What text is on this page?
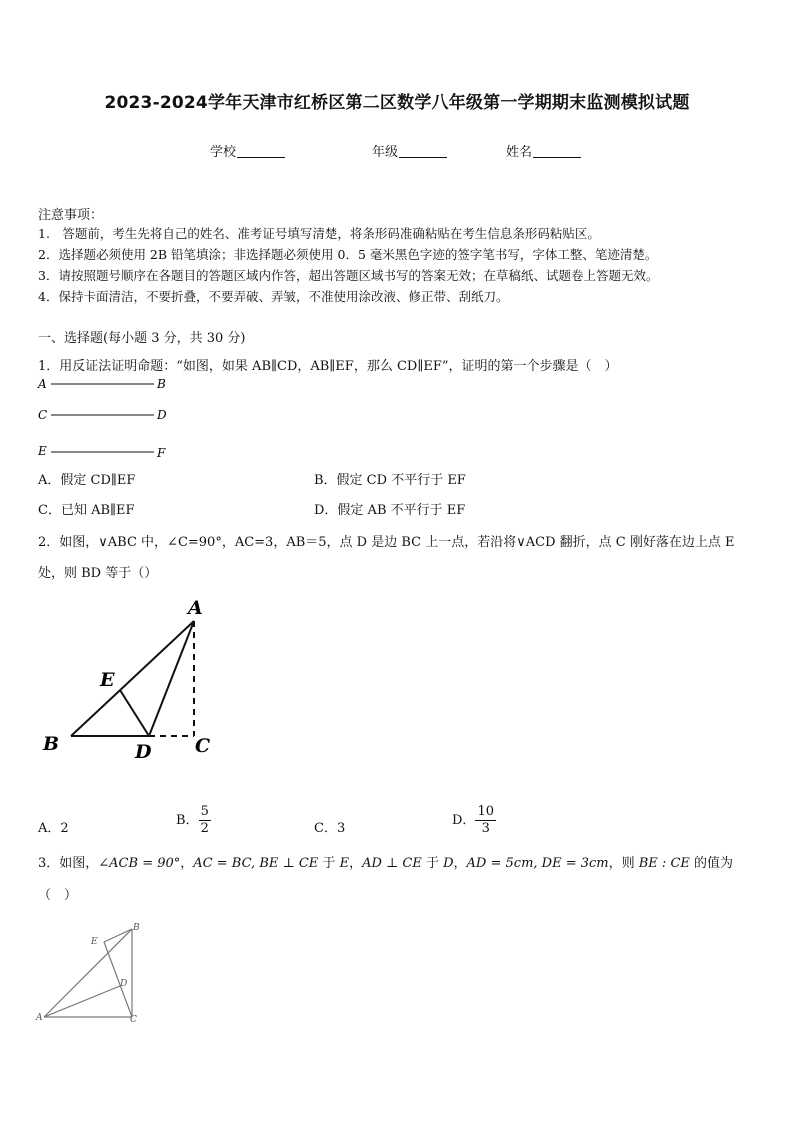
2023-2024学年天津市红桥区第二区数学八年级第一学期期末监测模拟试题
学校	年级	姓名
注意事项：
1.　答题前，考生先将自己的姓名、准考证号填写清楚，将条形码准确粘贴在考生信息条形码粘贴区。
2．选择题必须使用 2B 铅笔填涂；非选择题必须使用 0．5 毫米黑色字迹的签字笔书写，字体工整、笔迹清楚。
3．请按照题号顺序在各题目的答题区域内作答，超出答题区域书写的答案无效；在草稿纸、试题卷上答题无效。
4．保持卡面清洁，不要折叠，不要弄破、弄皱，不准使用涂改液、修正带、刮纸刀。
一、选择题(每小题 3 分，共 30 分)
1．用反证法证明命题：“如图，如果 AB∥CD，AB∥EF，那么 CD∥EF”，证明的第一个步骤是（　）
A	B
C	D
E	F
A．假定 CD∥EF	B．假定 CD 不平行于 EF
C．已知 AB∥EF	D．假定 AB 不平行于 EF
2．如图，∨ABC 中，∠C=90°，AC=3，AB＝5，点 D 是边 BC 上一点，若沿将∨ACD 翻折，点 C 刚好落在边上点 E
处，则 BD 等于（）
A
E
B	D C
A．2
B． $\frac{5}{2}$	C．3
D． $\frac{10}{3}$
3．如图，∠ACB = 90°，AC = BC, BE ⊥ CE 于 E，AD ⊥ CE 于 D，AD = 5cm, DE = 3cm，则 BE : CE 的值为
（　）
B
E
D
A	C
